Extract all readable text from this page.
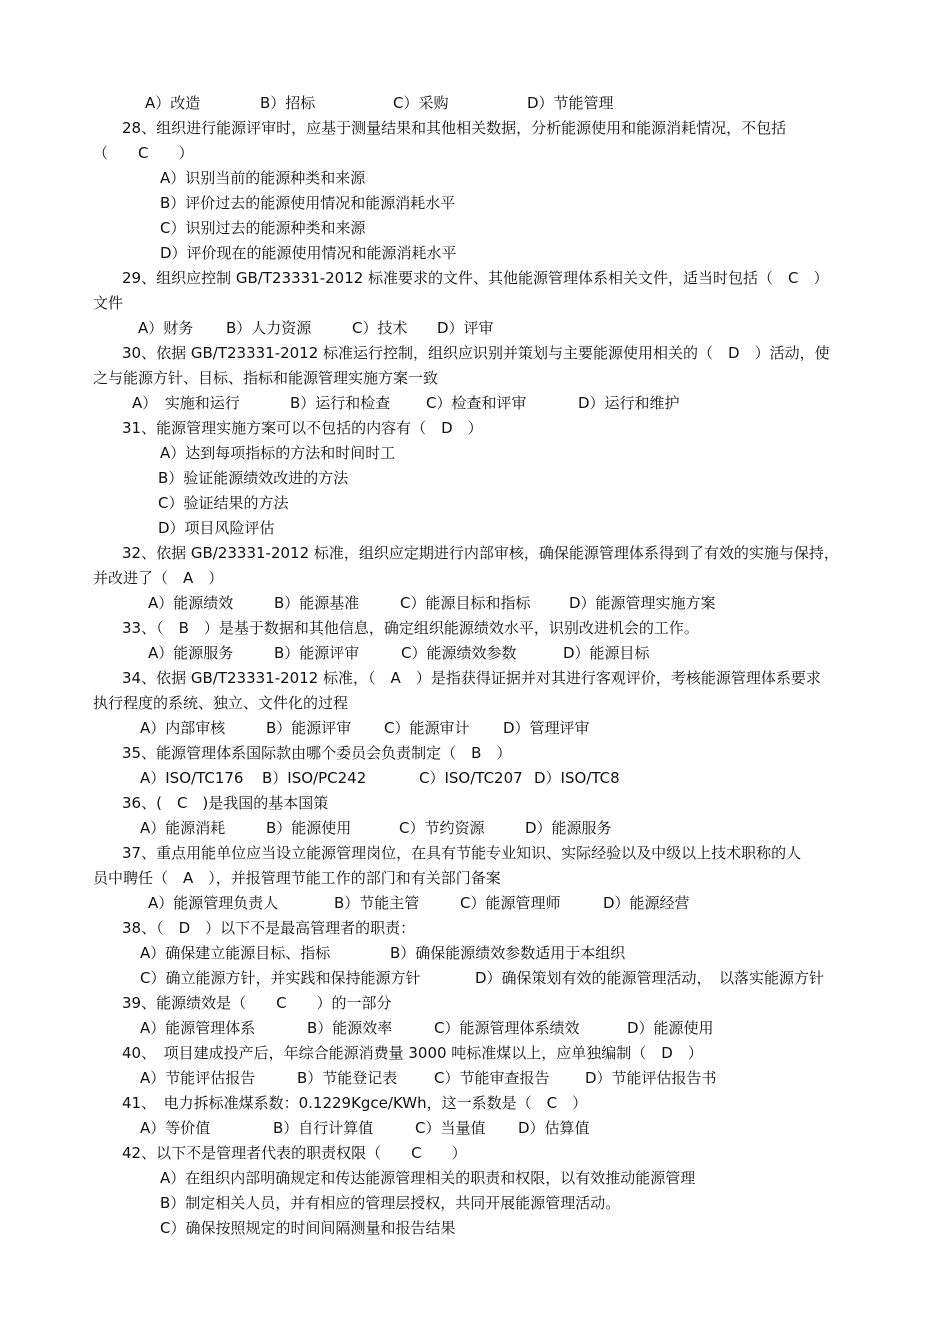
A）改造	B）招标	C）采购	D）节能管理
28、组织进行能源评审时，应基于测量结果和其他相关数据，分析能源使用和能源消耗情况，不包括
（　　C　　）
A）识别当前的能源种类和来源
B）评价过去的能源使用情况和能源消耗水平
C）识别过去的能源种类和来源
D）评价现在的能源使用情况和能源消耗水平
29、组织应控制 GB/T23331-2012 标准要求的文件、其他能源管理体系相关文件，适当时包括（　C　）
文件
A）财务 B）人力资源	C）技术 D）评审
30、依据 GB/T23331-2012 标准运行控制，组织应识别并策划与主要能源使用相关的（　D　）活动，使
之与能源方针、目标、指标和能源管理实施方案一致
A）　实施和运行	B）运行和检查 C）检查和评审	D）运行和维护
31、能源管理实施方案可以不包括的内容有（　D　）
A）达到每项指标的方法和时间时工
B）验证能源绩效改进的方法
C）验证结果的方法
D）项目风险评估
32、依据 GB/23331-2012 标准，组织应定期进行内部审核，确保能源管理体系得到了有效的实施与保持，
并改进了（　A　）
A）能源绩效	B）能源基准	C）能源目标和指标	D）能源管理实施方案
33、（　B　）是基于数据和其他信息，确定组织能源绩效水平，识别改进机会的工作。
A）能源服务	B）能源评审	C）能源绩效参数	D）能源目标
34、依据 GB/T23331-2012 标准，（　A　）是指获得证据并对其进行客观评价，考核能源管理体系要求
执行程度的系统、独立、文件化的过程
A）内部审核	B）能源评审 C）能源审计 D）管理评审
35、能源管理体系国际款由哪个委员会负责制定（　B　）
A）ISO/TC176 B）ISO/PC242	C）ISO/TC207 D）ISO/TC8
36、(　C　)是我国的基本国策
A）能源消耗	B）能源使用	C）节约资源	D）能源服务
37、重点用能单位应当设立能源管理岗位，在具有节能专业知识、实际经验以及中级以上技术职称的人
员中聘任（　A　），并报管理节能工作的部门和有关部门备案
A）能源管理负责人	B）节能主管	C）能源管理师	D）能源经营
38、（　D　）以下不是最高管理者的职责：
A）确保建立能源目标、指标	B）确保能源绩效参数适用于本组织
C）确立能源方针，并实践和保持能源方针	D）确保策划有效的能源管理活动，　以落实能源方针
39、能源绩效是（　　C　　）的一部分
A）能源管理体系	B）能源效率	C）能源管理体系绩效	D）能源使用
40、　项目建成投产后，年综合能源消费量 3000 吨标准煤以上，应单独编制（　D　）
A）节能评估报告	B）节能登记表 C）节能审查报告 D）节能评估报告书
41、　电力拆标准煤系数：0.1229Kgce/KWh，这一系数是（　C　）
A）等价值	B）自行计算值	C）当量值 D）估算值
42、以下不是管理者代表的职责权限（　　C　　）
A）在组织内部明确规定和传达能源管理相关的职责和权限，以有效推动能源管理
B）制定相关人员，并有相应的管理层授权，共同开展能源管理活动。
C）确保按照规定的时间间隔测量和报告结果
